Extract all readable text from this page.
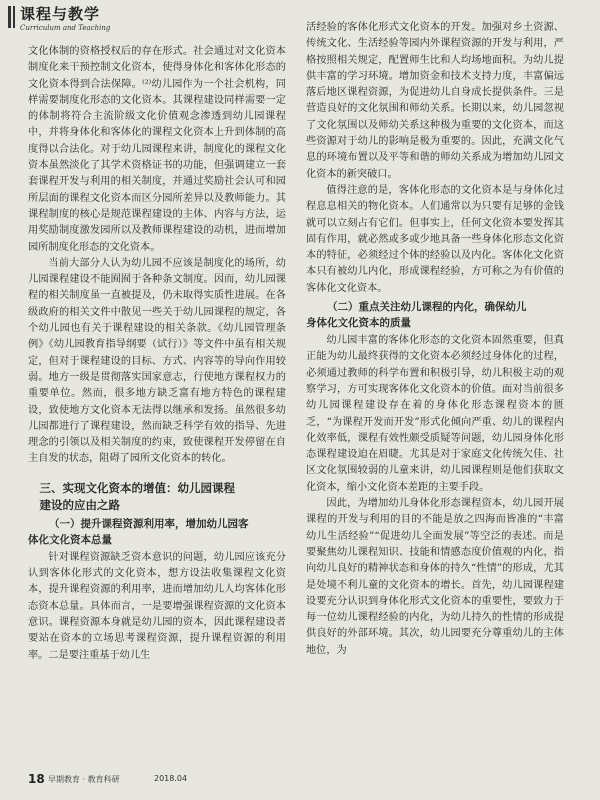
课程与教学
Curriculum and Teaching

文化体制的资格授权后的存在形式。社会通过对文化资本制度化来干预控制文化资本，使得身体化和客体化形态的文化资本得到合法保障。⁽²⁾幼儿园作为一个社会机构，同样需要制度化形态的文化资本。其课程建设同样需要一定的体制将符合主流阶级文化价值观念渗透到幼儿园课程中，并将身体化和客体化的课程文化资本上升到体制的高度得以合法化。对于幼儿园课程来讲，制度化的课程文化资本虽然淡化了其学术资格证书的功能，但强调建立一套套课程开发与利用的相关制度，并通过奖励社会认可和园所层面的课程文化资本而区分园所差异以及教师能力。其课程制度的核心是规范课程建设的主体、内容与方法，运用奖励制度激发园所以及教师课程建设的动机，进而增加园所制度化形态的文化资本。

当前大部分人认为幼儿园不应该是制度化的场所，幼儿园课程建设不能囿囿于各种条文制度。因而，幼儿园课程的相关制度虽一直被提及，仍未取得实质性进展。在各级政府的相关文件中散见一些关于幼儿园课程的规定，各个幼儿园也有关于课程建设的相关条款。《幼儿园管理条例》《幼儿园教育指导纲要（试行）》等文件中虽有相关规定，但对于课程建设的目标、方式、内容等的导向作用较弱。地方一级是贯彻落实国家意志，行使地方课程权力的重要单位。然而，很多地方缺乏富有地方特色的课程建设，致使地方文化资本无法得以继承和发扬。虽然很多幼儿园都进行了课程建设，然而缺乏科学有效的指导、先进理念的引领以及相关制度的约束，致使课程开发停留在自主自发的状态，阻碍了园所文化资本的转化。

三、实现文化资本的增值：幼儿园课程
建设的应由之路
（一）提升课程资源利用率，增加幼儿园客
体化文化资本总量

针对课程资源缺乏资本意识的问题，幼儿园应该充分认到客体化形式的文化资本，想方设法收集课程文化资本，提升课程资源的利用率，进而增加幼儿人均客体化形态资本总量。具体而言，一是要增强课程资源的文化资本意识。课程资源本身就是幼儿园的资本，因此课程建设者要站在资本的立场思考课程资源，提升课程资源的利用率。二是要注重基于幼儿生

活经验的客体化形式文化资本的开发。加强对乡土资源、传统文化、生活经验等园内外课程资源的开发与利用，严格按照相关规定，配置师生比和人均场地面积。为幼儿提供丰富的学习环境。增加资金和技术支持力度，丰富偏远落后地区课程资源，为促进幼儿自身成长提供条件。三是营造良好的文化氛围和师幼关系。长期以来，幼儿园忽视了文化氛围以及师幼关系这种极为重要的文化资本，而这些资源对于幼儿的影响是极为重要的。因此，充满文化气息的环境布置以及平等和谐的师幼关系成为增加幼儿园文化资本的新突破口。

值得注意的是，客体化形态的文化资本是与身体化过程息息相关的物化资本。人们通常以为只要有足够的金钱就可以立刻占有它们。但事实上，任何文化资本要发挥其固有作用，就必然或多或少地具备一些身体化形态文化资本的特征，必须经过个体的经验以及内化。客体化文化资本只有被幼儿内化，形成课程经验，方可称之为有价值的客体化文化资本。

（二）重点关注幼儿课程的内化，确保幼儿
身体化文化资本的质量

幼儿园丰富的客体化形态的文化资本固然重要，但真正能为幼儿最终获得的文化资本必须经过身体化的过程，必须通过教师的科学布置和积极引导，幼儿积极主动的观察学习，方可实现客体化文化资本的价值。面对当前很多幼儿园课程建设存在着的身体化形态课程资本的匮乏，“为课程开发而开发”形式化倾向严重、幼儿的课程内化效率低，课程有效性颇受质疑等问题，幼儿园身体化形态课程建设迫在眉睫。尤其是对于家庭文化传统欠佳、社区文化氛围较弱的儿童来讲，幼儿园课程则是他们获取文化资本，缩小文化资本差距的主要手段。

因此，为增加幼儿身体化形态课程资本，幼儿园开展课程的开发与利用的目的不能是放之四海而皆准的“丰富幼儿生活经验”“促进幼儿全面发展”等空泛的表述。而是要聚焦幼儿课程知识、技能和情感态度价值观的内化，指向幼儿良好的精神状态和身体的持久“性情”的形成，尤其是处境不利儿童的文化资本的增长。首先，幼儿园课程建设要充分认识到身体化形式文化资本的重要性，要致力于每一位幼儿课程经验的内化，为幼儿持久的性情的形成提供良好的外部环境。其次，幼儿园要充分尊重幼儿的主体地位，为

18 早期教育 · 教育科研	2018.04
